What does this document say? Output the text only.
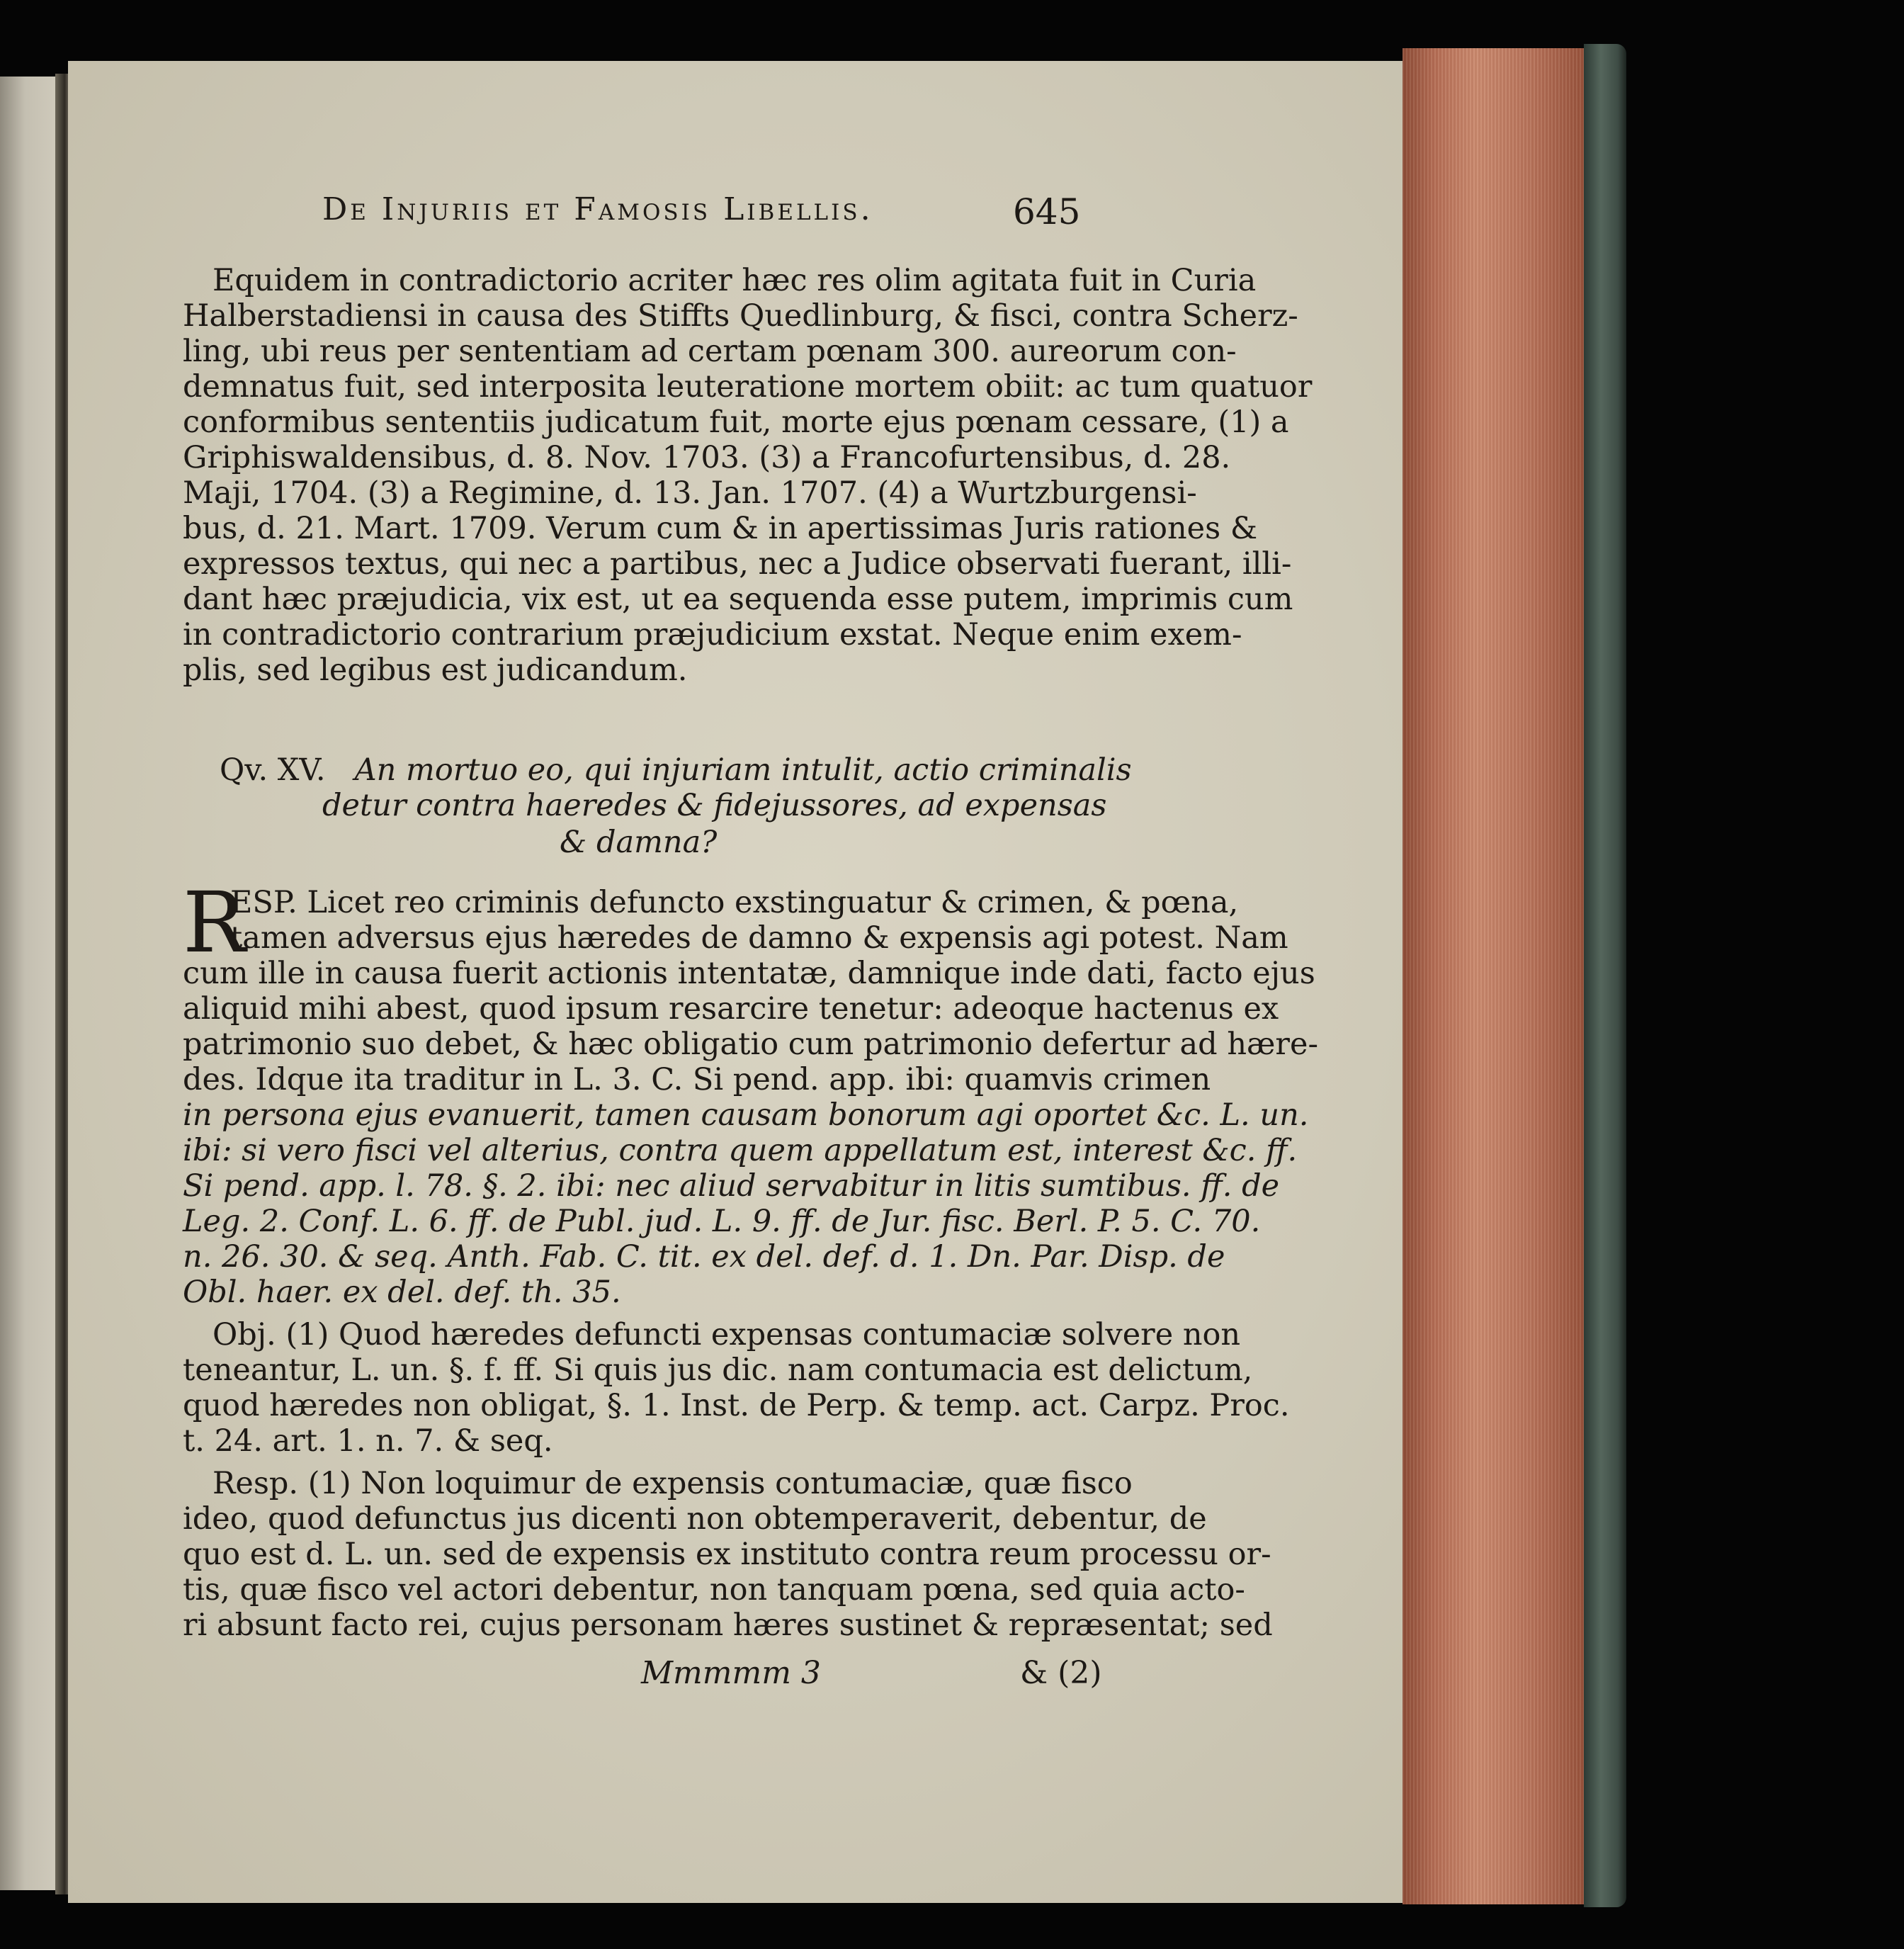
De Injuriis et Famosis Libellis.	645
Equidem in contradictorio acriter hæc res olim agitata fuit in Curia
Halberstadiensi in causa des Stiffts Quedlinburg, & fisci, contra Scherz-
ling, ubi reus per sententiam ad certam pœnam 300. aureorum con-
demnatus fuit, sed interposita leuteratione mortem obiit: ac tum quatuor
conformibus sententiis judicatum fuit, morte ejus pœnam cessare, (1) a
Griphiswaldensibus, d. 8. Nov. 1703. (3) a Francofurtensibus, d. 28.
Maji, 1704. (3) a Regimine, d. 13. Jan. 1707. (4) a Wurtzburgensi-
bus, d. 21. Mart. 1709. Verum cum & in apertissimas Juris rationes &
expressos textus, qui nec a partibus, nec a Judice observati fuerant, illi-
dant hæc præjudicia, vix est, ut ea sequenda esse putem, imprimis cum
in contradictorio contrarium præjudicium exstat. Neque enim exem-
plis, sed legibus est judicandum.
Qv. XV. An mortuo eo, qui injuriam intulit, actio criminalis
detur contra haeredes & fidejussores, ad expensas
& damna?
R
ESP. Licet reo criminis defuncto exstinguatur & crimen, & pœna,
tamen adversus ejus hæredes de damno & expensis agi potest. Nam
cum ille in causa fuerit actionis intentatæ, damnique inde dati, facto ejus
aliquid mihi abest, quod ipsum resarcire tenetur: adeoque hactenus ex
patrimonio suo debet, & hæc obligatio cum patrimonio defertur ad hære-
des. Idque ita traditur in L. 3. C. Si pend. app. ibi: quamvis crimen
in persona ejus evanuerit, tamen causam bonorum agi oportet &c. L. un.
ibi: si vero fisci vel alterius, contra quem appellatum est, interest &c. ff.
Si pend. app. l. 78. §. 2. ibi: nec aliud servabitur in litis sumtibus. ff. de
Leg. 2. Conf. L. 6. ff. de Publ. jud. L. 9. ff. de Jur. fisc. Berl. P. 5. C. 70.
n. 26. 30. & seq. Anth. Fab. C. tit. ex del. def. d. 1. Dn. Par. Disp. de
Obl. haer. ex del. def. th. 35.
Obj. (1) Quod hæredes defuncti expensas contumaciæ solvere non
teneantur, L. un. §. f. ff. Si quis jus dic. nam contumacia est delictum,
quod hæredes non obligat, §. 1. Inst. de Perp. & temp. act. Carpz. Proc.
t. 24. art. 1. n. 7. & seq.
Resp. (1) Non loquimur de expensis contumaciæ, quæ fisco
ideo, quod defunctus jus dicenti non obtemperaverit, debentur, de
quo est d. L. un. sed de expensis ex instituto contra reum processu or-
tis, quæ fisco vel actori debentur, non tanquam pœna, sed quia acto-
ri absunt facto rei, cujus personam hæres sustinet & repræsentat; sed
Mmmmm 3	& (2)
